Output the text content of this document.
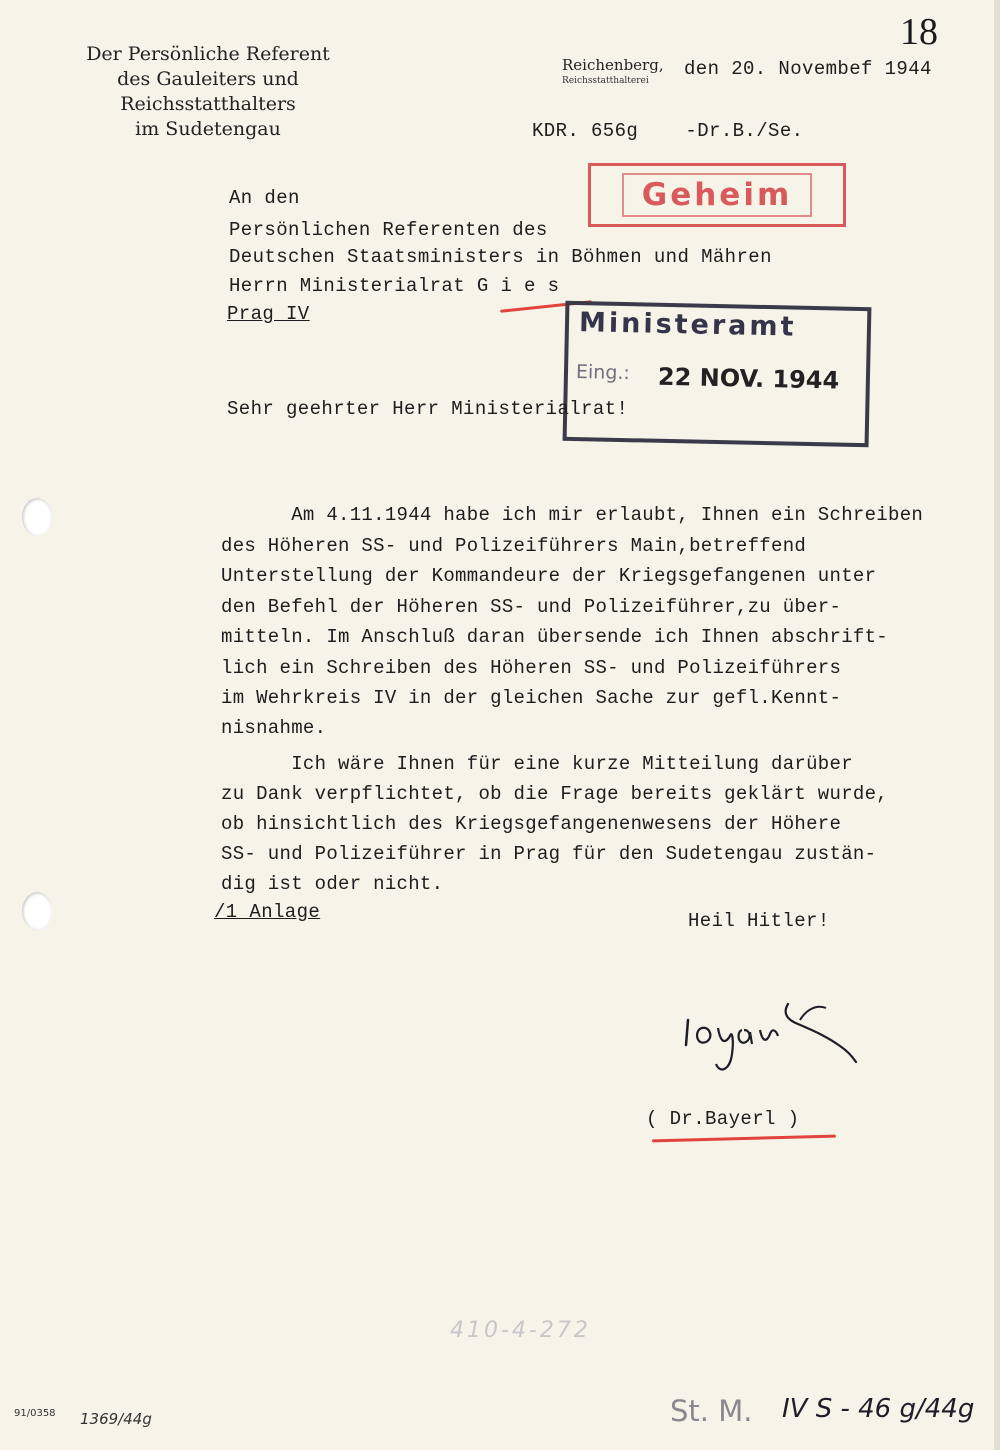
Der Persönliche Referent
des Gauleiters und Reichsstatthalters
im Sudetengau
18
Reichenberg,
Reichsstatthalterei
den 20. Novembef 1944
KDR. 656g    -Dr.B./Se.
Geheim
An den
Persönlichen Referenten des
Deutschen Staatsministers in Böhmen und Mähren
Herrn Ministerialrat G i e s
Prag IV	Ministeramt
Eing.: 22 NOV. 1944
Sehr geehrter Herr Ministerialrat!
Am 4.11.1944 habe ich mir erlaubt, Ihnen ein Schreiben
des Höheren SS- und Polizeiführers Main,betreffend
Unterstellung der Kommandeure der Kriegsgefangenen unter
den Befehl der Höheren SS- und Polizeiführer,zu über-
mitteln. Im Anschluß daran übersende ich Ihnen abschrift-
lich ein Schreiben des Höheren SS- und Polizeiführers
im Wehrkreis IV in der gleichen Sache zur gefl.Kennt-
nisnahme.
Ich wäre Ihnen für eine kurze Mitteilung darüber
zu Dank verpflichtet, ob die Frage bereits geklärt wurde,
ob hinsichtlich des Kriegsgefangenenwesens der Höhere
SS- und Polizeiführer in Prag für den Sudetengau zustän-
dig ist oder nicht.
/1 Anlage	Heil Hitler!
( Dr.Bayerl )
91/0358 1369/44g
410-4-272
St. M. IV S - 46 g/44g
